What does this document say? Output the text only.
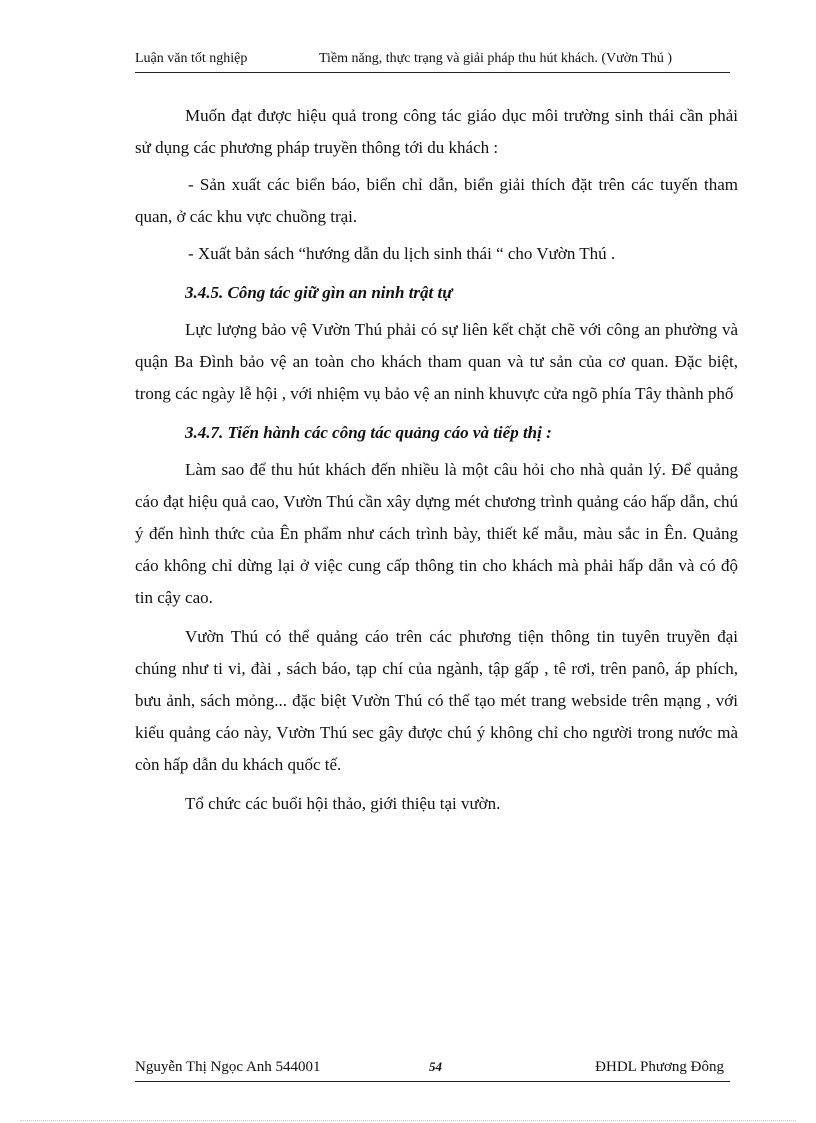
Luận văn tốt nghiệp	Tiềm năng, thực trạng và giải pháp thu hút khách. (Vườn Thú )

Muốn đạt được hiệu quả trong công tác giáo dục môi trường sinh thái cần phải sử dụng các phương pháp truyền thông tới du khách :

- Sản xuất các biển báo, biển chỉ dẫn, biển giải thích đặt trên các tuyến tham quan, ở các khu vực chuồng trại.

- Xuất bản sách “hướng dẫn du lịch sinh thái “ cho Vườn Thú .

3.4.5. Công tác giữ gìn an ninh trật tự

Lực lượng bảo vệ Vườn Thú phải có sự liên kết chặt chẽ với công an phường và quận Ba Đình bảo vệ an toàn cho khách tham quan và tư sản của cơ quan. Đặc biệt, trong các ngày lễ hội , với nhiệm vụ bảo vệ an ninh khuvực cửa ngõ phía Tây thành phố

3.4.7. Tiến hành các công tác quảng cáo và tiếp thị :

Làm sao để thu hút khách đến nhiều là một câu hỏi cho nhà quản lý. Để quảng cáo đạt hiệu quả cao, Vườn Thú cần xây dựng mét chương trình quảng cáo hấp dẫn, chú ý đến hình thức của Ên phẩm như cách trình bày, thiết kế mẫu, màu sắc in Ên. Quảng cáo không chỉ dừng lại ở việc cung cấp thông tin cho khách mà phải hấp dẫn và có độ tin cậy cao.

Vườn Thú có thể quảng cáo trên các phương tiện thông tin tuyên truyền đại chúng như ti vi, đài , sách báo, tạp chí của ngành, tập gấp , tê rơi, trên panô, áp phích, bưu ảnh, sách mỏng... đặc biệt Vườn Thú có thể tạo mét trang webside trên mạng , với kiểu quảng cáo này, Vườn Thú sec gây được chú ý không chỉ cho người trong nước mà còn hấp dẫn du khách quốc tế.

Tổ chức các buổi hội thảo, giới thiệu tại vườn.

Nguyễn Thị Ngọc Anh 544001	54	ĐHDL Phương Đông
